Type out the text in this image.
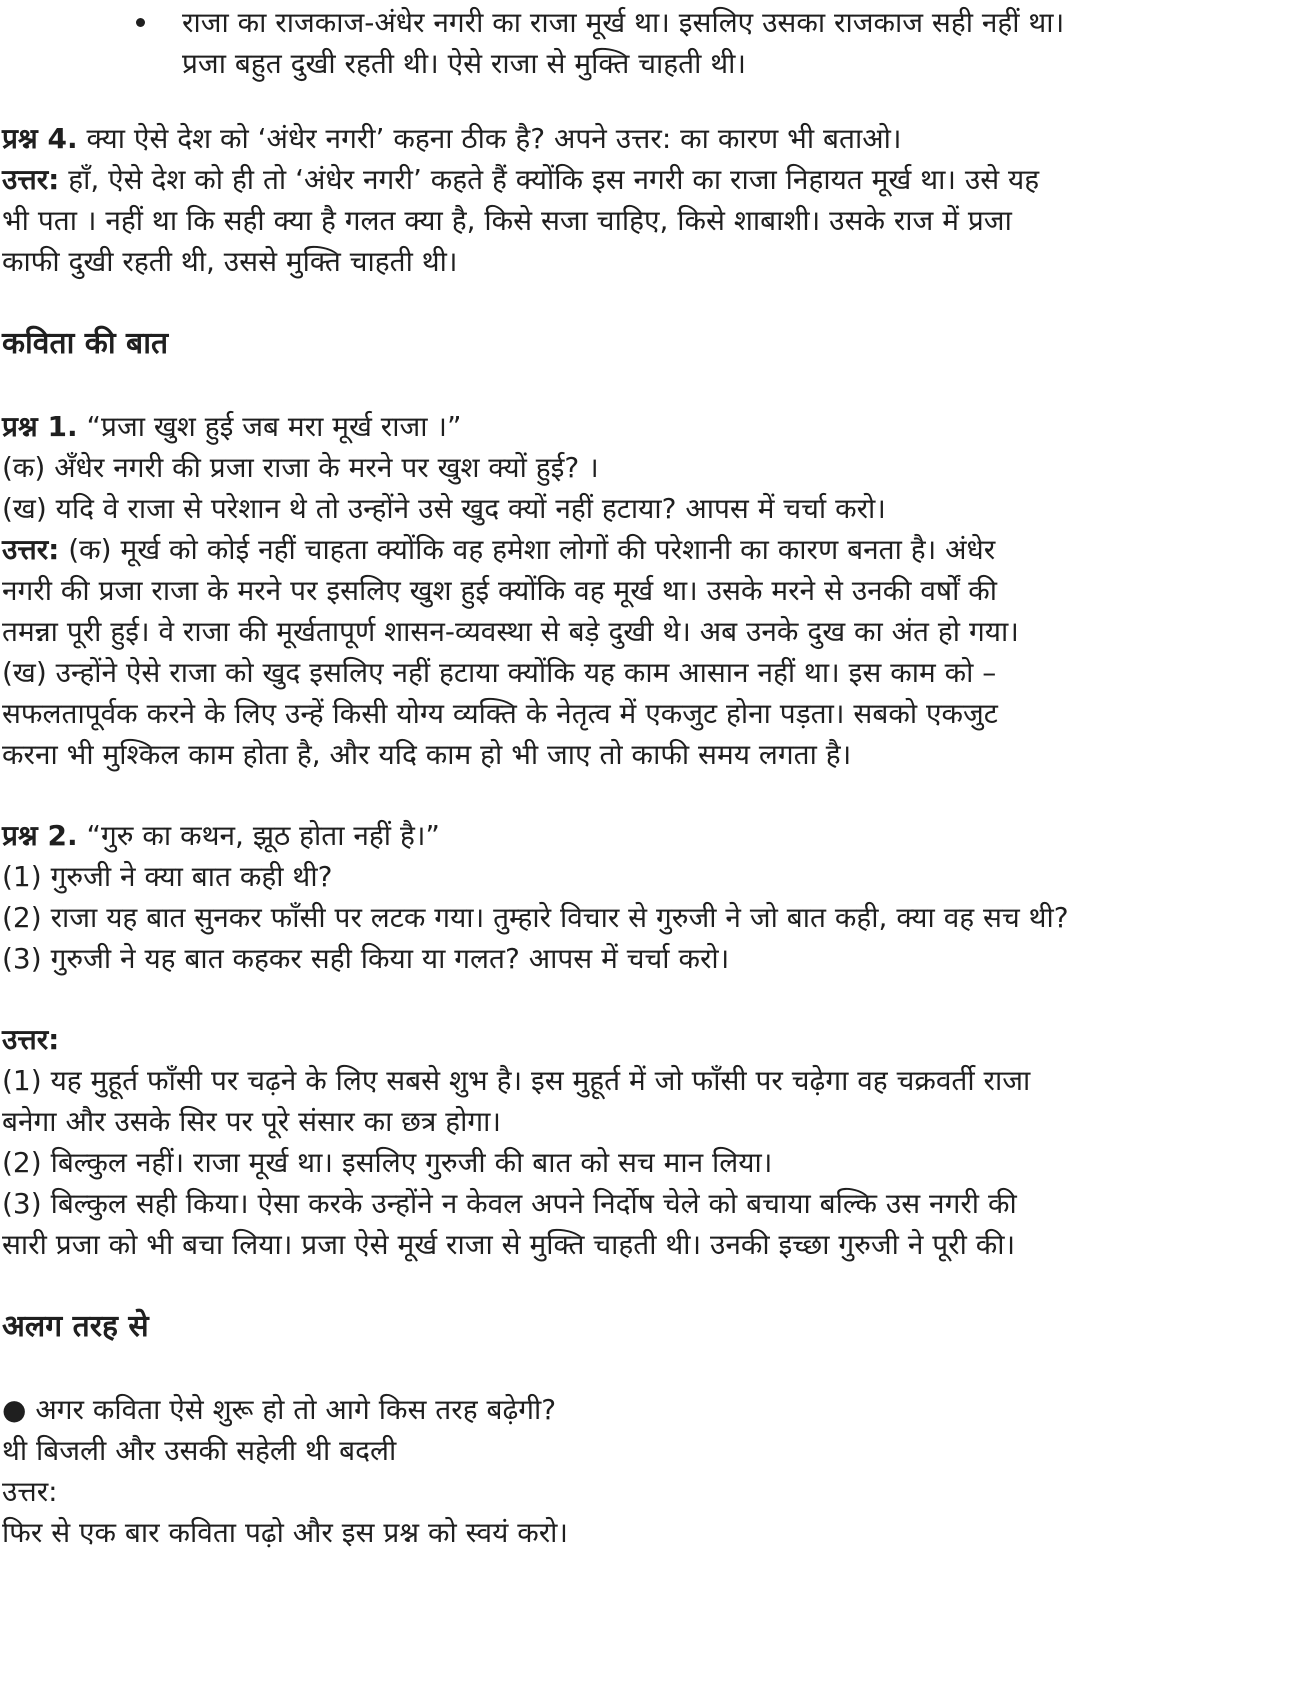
राजा का राजकाज-अंधेर नगरी का राजा मूर्ख था। इसलिए उसका राजकाज सही नहीं था।
प्रजा बहुत दुखी रहती थी। ऐसे राजा से मुक्ति चाहती थी।
प्रश्न 4. क्या ऐसे देश को ‘अंधेर नगरी’ कहना ठीक है? अपने उत्तर: का कारण भी बताओ।
उत्तर: हाँ, ऐसे देश को ही तो ‘अंधेर नगरी’ कहते हैं क्योंकि इस नगरी का राजा निहायत मूर्ख था। उसे यह
भी पता । नहीं था कि सही क्या है गलत क्या है, किसे सजा चाहिए, किसे शाबाशी। उसके राज में प्रजा
काफी दुखी रहती थी, उससे मुक्ति चाहती थी।
कविता की बात
प्रश्न 1. “प्रजा खुश हुई जब मरा मूर्ख राजा ।”
(क) अँधेर नगरी की प्रजा राजा के मरने पर खुश क्यों हुई? ।
(ख) यदि वे राजा से परेशान थे तो उन्होंने उसे खुद क्यों नहीं हटाया? आपस में चर्चा करो।
उत्तर: (क) मूर्ख को कोई नहीं चाहता क्योंकि वह हमेशा लोगों की परेशानी का कारण बनता है। अंधेर
नगरी की प्रजा राजा के मरने पर इसलिए खुश हुई क्योंकि वह मूर्ख था। उसके मरने से उनकी वर्षों की
तमन्ना पूरी हुई। वे राजा की मूर्खतापूर्ण शासन-व्यवस्था से बड़े दुखी थे। अब उनके दुख का अंत हो गया।
(ख) उन्होंने ऐसे राजा को खुद इसलिए नहीं हटाया क्योंकि यह काम आसान नहीं था। इस काम को –
सफलतापूर्वक करने के लिए उन्हें किसी योग्य व्यक्ति के नेतृत्व में एकजुट होना पड़ता। सबको एकजुट
करना भी मुश्किल काम होता है, और यदि काम हो भी जाए तो काफी समय लगता है।
प्रश्न 2. “गुरु का कथन, झूठ होता नहीं है।”
(1) गुरुजी ने क्या बात कही थी?
(2) राजा यह बात सुनकर फाँसी पर लटक गया। तुम्हारे विचार से गुरुजी ने जो बात कही, क्या वह सच थी?
(3) गुरुजी ने यह बात कहकर सही किया या गलत? आपस में चर्चा करो।
उत्तर:
(1) यह मुहूर्त फाँसी पर चढ़ने के लिए सबसे शुभ है। इस मुहूर्त में जो फाँसी पर चढ़ेगा वह चक्रवर्ती राजा
बनेगा और उसके सिर पर पूरे संसार का छत्र होगा।
(2) बिल्कुल नहीं। राजा मूर्ख था। इसलिए गुरुजी की बात को सच मान लिया।
(3) बिल्कुल सही किया। ऐसा करके उन्होंने न केवल अपने निर्दोष चेले को बचाया बल्कि उस नगरी की
सारी प्रजा को भी बचा लिया। प्रजा ऐसे मूर्ख राजा से मुक्ति चाहती थी। उनकी इच्छा गुरुजी ने पूरी की।
अलग तरह से
● अगर कविता ऐसे शुरू हो तो आगे किस तरह बढ़ेगी?
थी बिजली और उसकी सहेली थी बदली
उत्तर:
फिर से एक बार कविता पढ़ो और इस प्रश्न को स्वयं करो।
